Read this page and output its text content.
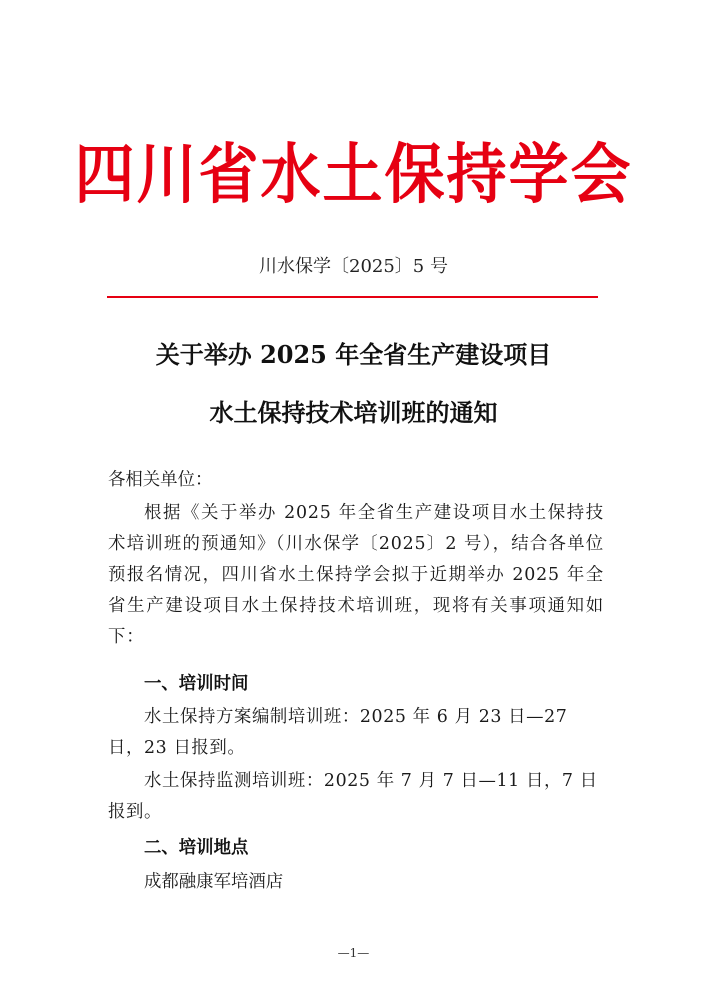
四川省水土保持学会
川水保学〔2025〕5 号
关于举办 2025 年全省生产建设项目
水土保持技术培训班的通知
各相关单位：
根据《关于举办 2025 年全省生产建设项目水土保持技术培训班的预通知》（川水保学〔2025〕2 号），结合各单位预报名情况，四川省水土保持学会拟于近期举办 2025 年全省生产建设项目水土保持技术培训班，现将有关事项通知如下：
一、培训时间
水土保持方案编制培训班：2025 年 6 月 23 日—27 日，23 日报到。
水土保持监测培训班：2025 年 7 月 7 日—11 日，7 日报到。
二、培训地点
成都融康军培酒店
—1—
